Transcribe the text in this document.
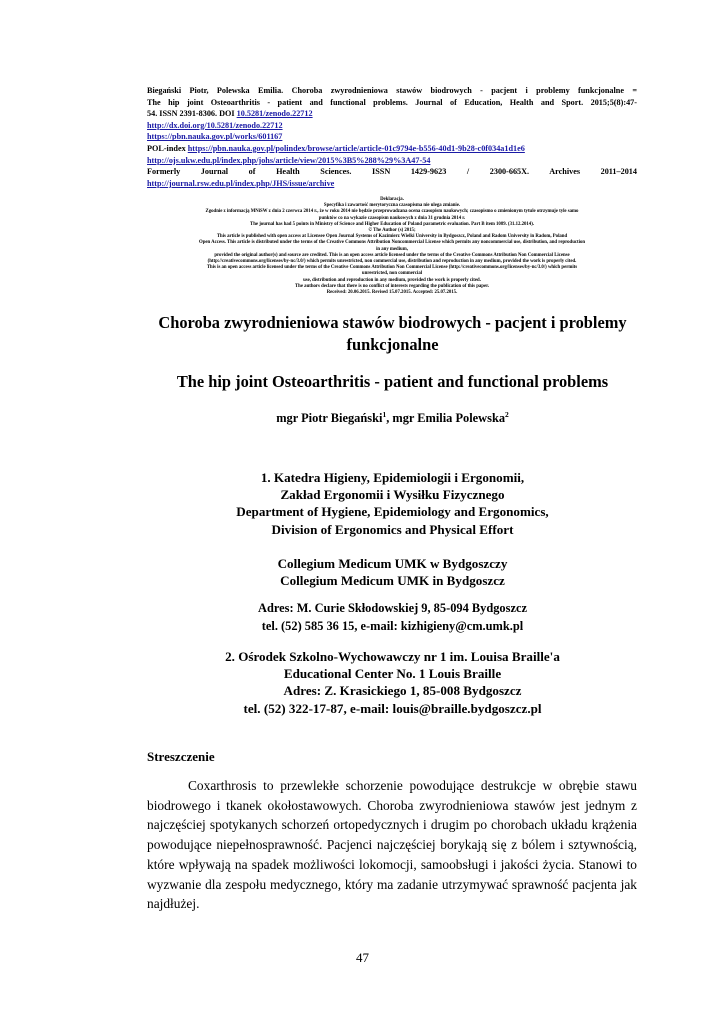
Biegański Piotr, Polewska Emilia. Choroba zwyrodnieniowa stawów biodrowych - pacjent i problemy funkcjonalne =

The hip joint Osteoarthritis - patient and functional problems. Journal of Education, Health and Sport. 2015;5(8):47-

54. ISSN 2391-8306. DOI 10.5281/zenodo.22712

http://dx.doi.org/10.5281/zenodo.22712

https://pbn.nauka.gov.pl/works/601167

POL-index https://pbn.nauka.gov.pl/polindex/browse/article/article-01c9794e-b556-40d1-9b28-c0f034a1d1e6

http://ojs.ukw.edu.pl/index.php/johs/article/view/2015%3B5%288%29%3A47-54

Formerly Journal of Health Sciences. ISSN 1429-9623 / 2300-665X. Archives 2011–2014

http://journal.rsw.edu.pl/index.php/JHS/issue/archive

Deklaracja.

Specyfika i zawartość merytoryczna czasopisma nie ulega zmianie.

Zgodnie z informacją MNiSW z dnia 2 czerwca 2014 r., że w roku 2014 nie będzie przeprowadzana ocena czasopism naukowych; czasopismo o zmienionym tytule otrzymuje tyle samo

punktów co na wykazie czasopism naukowych z dnia 31 grudnia 2014 r.

The journal has had 5 points in Ministry of Science and Higher Education of Poland parametric evaluation. Part B item 1089. (31.12.2014).

© The Author (s) 2015;

This article is published with open access at Licensee Open Journal Systems of Kazimierz Wielki University in Bydgoszcz, Poland and Radom University in Radom, Poland

Open Access. This article is distributed under the terms of the Creative Commons Attribution Noncommercial License which permits any noncommercial use, distribution, and reproduction

in any medium,

provided the original author(s) and source are credited. This is an open access article licensed under the terms of the Creative Commons Attribution Non Commercial License

(http://creativecommons.org/licenses/by-nc/3.0/) which permits unrestricted, non commercial use, distribution and reproduction in any medium, provided the work is properly cited.

This is an open access article licensed under the terms of the Creative Commons Attribution Non Commercial License (http://creativecommons.org/licenses/by-nc/3.0/) which permits

unrestricted, non commercial

use, distribution and reproduction in any medium, provided the work is properly cited.

The authors declare that there is no conflict of interests regarding the publication of this paper.

Received: 20.06.2015. Revised 15.07.2015. Accepted: 25.07.2015.

Choroba zwyrodnieniowa stawów biodrowych - pacjent i problemy
funkcjonalne
The hip joint Osteoarthritis - patient and functional problems
mgr Piotr Biegański$^1$, mgr Emilia Polewska$^2$

1. Katedra Higieny, Epidemiologii i Ergonomii,

Zakład Ergonomii i Wysiłku Fizycznego

Department of Hygiene, Epidemiology and Ergonomics,

Division of Ergonomics and Physical Effort

Collegium Medicum UMK w Bydgoszczy

Collegium Medicum UMK in Bydgoszcz

Adres: M. Curie Skłodowskiej 9, 85-094 Bydgoszcz

tel. (52) 585 36 15, e-mail: kizhigieny@cm.umk.pl

2. Ośrodek Szkolno-Wychowawczy nr 1 im. Louisa Braille'a

Educational Center No. 1 Louis Braille

Adres: Z. Krasickiego 1, 85-008 Bydgoszcz

tel. (52) 322-17-87, e-mail: louis@braille.bydgoszcz.pl

Streszczenie

Coxarthrosis to przewlekłe schorzenie powodujące destrukcje w obrębie stawu biodrowego i tkanek okołostawowych. Choroba zwyrodnieniowa stawów jest jednym z najczęściej spotykanych schorzeń ortopedycznych i drugim po chorobach układu krążenia powodujące niepełnosprawność. Pacjenci najczęściej borykają się z bólem i sztywnością, które wpływają na spadek możliwości lokomocji, samoobsługi i jakości życia. Stanowi to wyzwanie dla zespołu medycznego, który ma zadanie utrzymywać sprawność pacjenta jak najdłużej.

47
